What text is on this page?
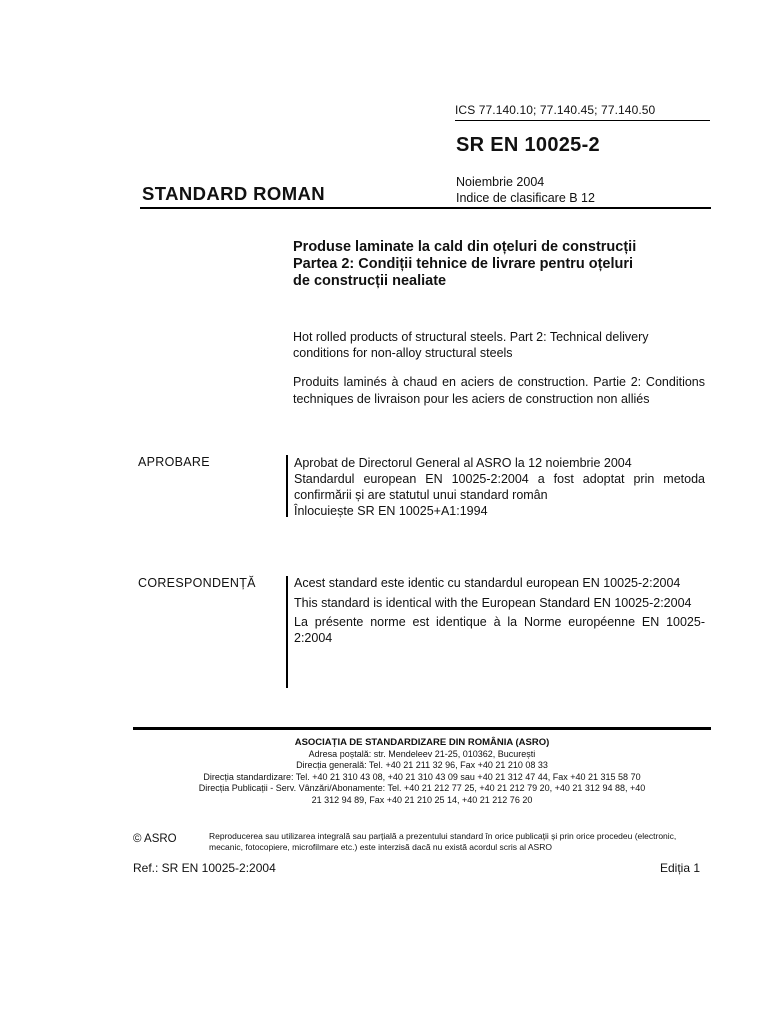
ICS 77.140.10; 77.140.45; 77.140.50
SR EN 10025-2
STANDARD ROMAN
Noiembrie 2004
Indice de clasificare B 12
Produse laminate la cald din oțeluri de construcții
Partea 2: Condiții tehnice de livrare pentru oțeluri
de construcții nealiate
Hot rolled products of structural steels. Part 2: Technical delivery conditions for non-alloy structural steels
Produits laminés à chaud en aciers de construction. Partie 2: Conditions techniques de livraison pour les aciers de construction non alliés
APROBARE	Aprobat de Directorul General al ASRO la 12 noiembrie 2004
Standardul european EN 10025-2:2004 a fost adoptat prin metoda confirmării și are statutul unui standard român
Înlocuiește SR EN 10025+A1:1994
CORESPONDENȚĂ	Acest standard este identic cu standardul european EN 10025-2:2004

This standard is identical with the European Standard EN 10025-2:2004

La présente norme est identique à la Norme européenne EN 10025-2:2004

ASOCIAȚIA DE STANDARDIZARE DIN ROMÂNIA (ASRO)
Adresa poștală: str. Mendeleev 21-25, 010362, București
Direcția generală: Tel. +40 21 211 32 96, Fax +40 21 210 08 33
Direcția standardizare: Tel. +40 21 310 43 08, +40 21 310 43 09 sau +40 21 312 47 44, Fax +40 21 315 58 70
Direcția Publicații - Serv. Vânzări/Abonamente: Tel. +40 21 212 77 25, +40 21 212 79 20, +40 21 312 94 88, +40
21 312 94 89, Fax +40 21 210 25 14, +40 21 212 76 20
© ASRO	Reproducerea sau utilizarea integrală sau parțială a prezentului standard în orice publicații și prin orice procedeu (electronic, mecanic, fotocopiere, microfilmare etc.) este interzisă dacă nu există acordul scris al ASRO
Ref.: SR EN 10025-2:2004	Ediția 1
